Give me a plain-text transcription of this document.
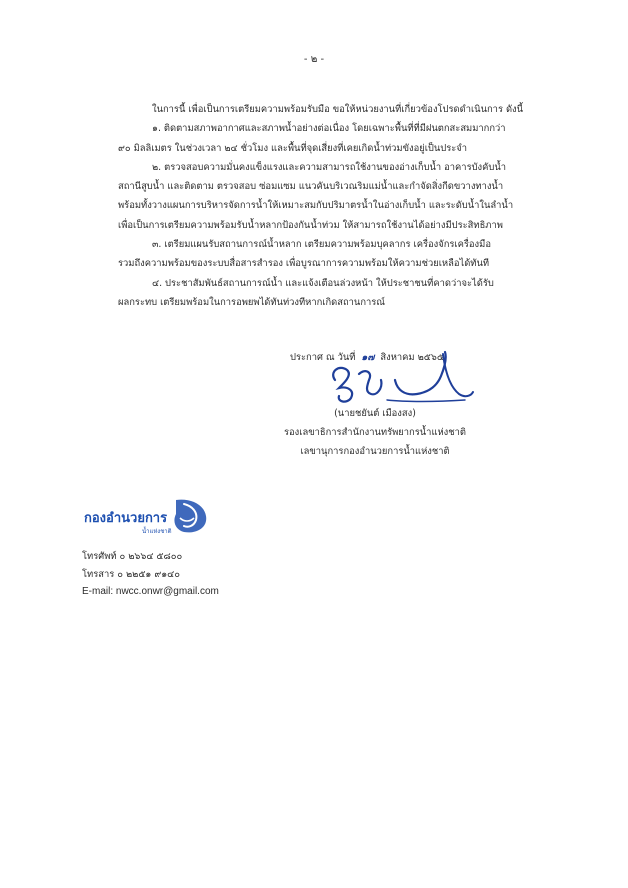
- ๒ -

ในการนี้ เพื่อเป็นการเตรียมความพร้อมรับมือ ขอให้หน่วยงานที่เกี่ยวข้องโปรดดำเนินการ ดังนี้

๑. ติดตามสภาพอากาศและสภาพน้ำอย่างต่อเนื่อง โดยเฉพาะพื้นที่ที่มีฝนตกสะสมมากกว่า

๙๐ มิลลิเมตร ในช่วงเวลา ๒๔ ชั่วโมง และพื้นที่จุดเสี่ยงที่เคยเกิดน้ำท่วมขังอยู่เป็นประจำ

๒. ตรวจสอบความมั่นคงแข็งแรงและความสามารถใช้งานของอ่างเก็บน้ำ อาคารบังคับน้ำ

สถานีสูบน้ำ และติดตาม ตรวจสอบ ซ่อมแซม แนวคันบริเวณริมแม่น้ำและกำจัดสิ่งกีดขวางทางน้ำ

พร้อมทั้งวางแผนการบริหารจัดการน้ำให้เหมาะสมกับปริมาตรน้ำในอ่างเก็บน้ำ และระดับน้ำในลำน้ำ

เพื่อเป็นการเตรียมความพร้อมรับน้ำหลากป้องกันน้ำท่วม ให้สามารถใช้งานได้อย่างมีประสิทธิภาพ

๓. เตรียมแผนรับสถานการณ์น้ำหลาก เตรียมความพร้อมบุคลากร เครื่องจักรเครื่องมือ

รวมถึงความพร้อมของระบบสื่อสารสำรอง เพื่อบูรณาการความพร้อมให้ความช่วยเหลือได้ทันที

๔. ประชาสัมพันธ์สถานการณ์น้ำ และแจ้งเตือนล่วงหน้า ให้ประชาชนที่คาดว่าจะได้รับ

ผลกระทบ เตรียมพร้อมในการอพยพได้ทันท่วงทีหากเกิดสถานการณ์

ประกาศ ณ วันที่ ๑๗ สิงหาคม ๒๕๖๕
(นายชยันต์ เมืองสง)
รองเลขาธิการสำนักงานทรัพยากรน้ำแห่งชาติ
เลขานุการกองอำนวยการน้ำแห่งชาติ
กองอำนวยการ
น้ำแห่งชาติ
โทรศัพท์ ๐ ๒๖๖๔ ๕๘๐๐
โทรสาร ๐ ๒๒๕๑ ๙๑๔๐
E-mail: nwcc.onwr@gmail.com
